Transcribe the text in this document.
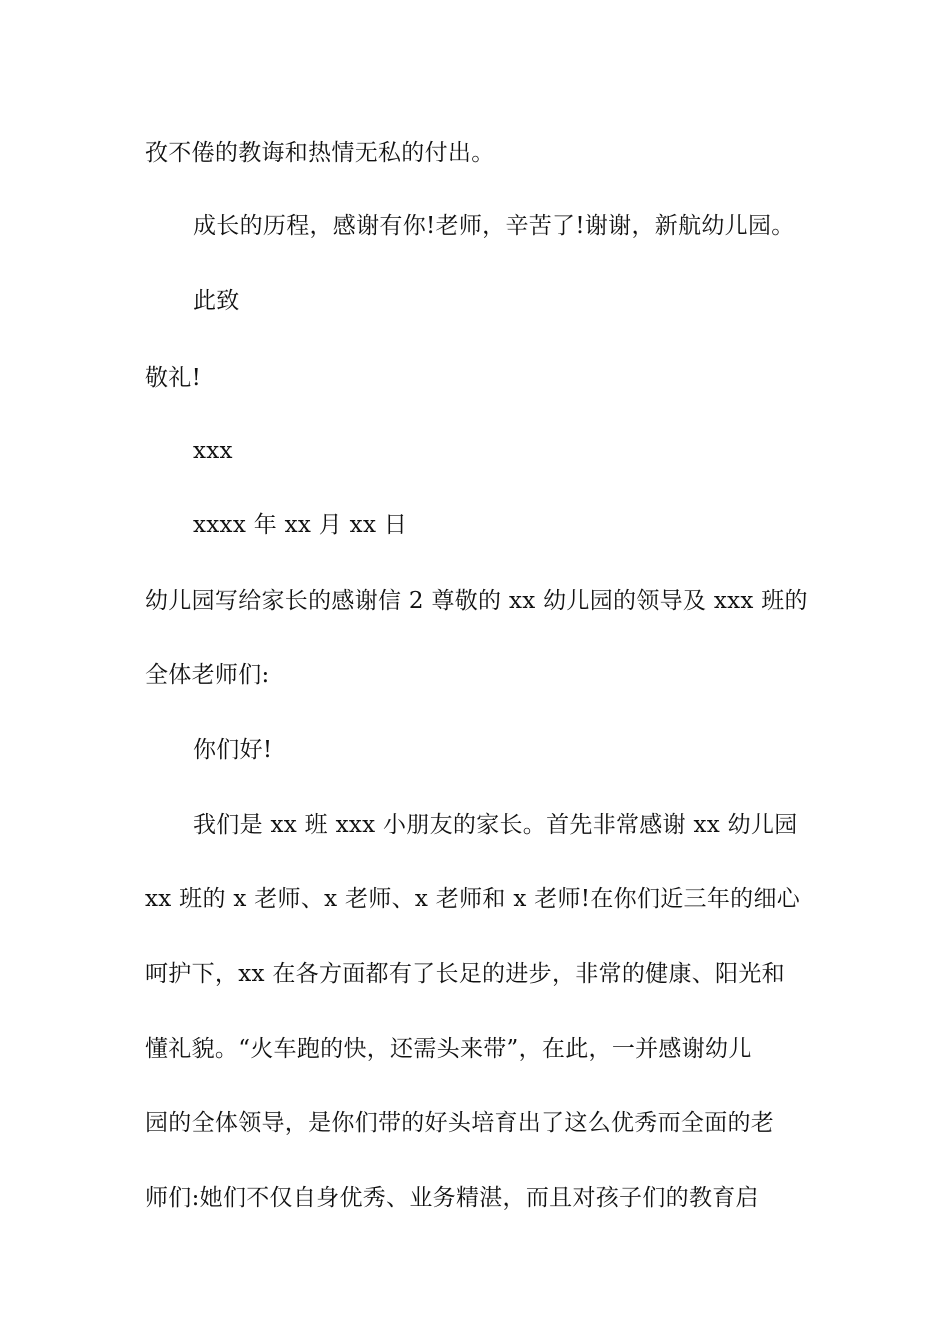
孜不倦的教诲和热情无私的付出。
成长的历程，感谢有你!老师，辛苦了!谢谢，新航幼儿园。
此致
敬礼!
xxx
xxxx 年 xx 月 xx 日
幼儿园写给家长的感谢信 2 尊敬的 xx 幼儿园的领导及 xxx 班的
全体老师们:
你们好!
我们是 xx 班 xxx 小朋友的家长。首先非常感谢 xx 幼儿园
xx 班的 x 老师、x 老师、x 老师和 x 老师!在你们近三年的细心
呵护下，xx 在各方面都有了长足的进步，非常的健康、阳光和
懂礼貌。“火车跑的快，还需头来带”，在此，一并感谢幼儿
园的全体领导，是你们带的好头培育出了这么优秀而全面的老
师们:她们不仅自身优秀、业务精湛，而且对孩子们的教育启
